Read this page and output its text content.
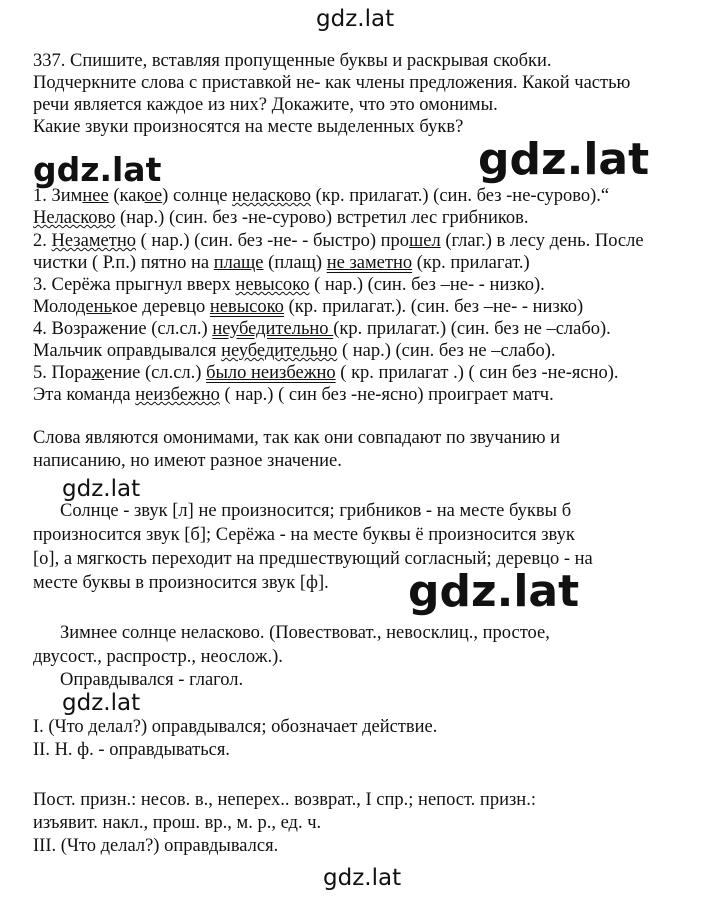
gdz.lat
gdz.lat	gdz.lat
gdz.lat
gdz.lat
gdz.lat
gdz.lat
337. Спишите, вставляя пропущенные буквы и раскрывая скобки.
Подчеркните слова с приставкой не- как члены предложения. Какой частью
речи является каждое из них? Докажите, что это омонимы.
Какие звуки произносятся на месте выделенных букв?
1. Зимнее (какое) солнце неласково (кр. прилагат.) (син. без -не-сурово).“
Неласково (нар.) (син. без -не-сурово) встретил лес грибников.
2. Незаметно ( нар.) (син. без -не- - быстро) прошел (глаг.) в лесу день. После
чистки ( Р.п.) пятно на плаще (плащ) не заметно (кр. прилагат.)
3. Серёжа прыгнул вверх невысоко ( нар.) (син. без –не- - низко).
Молоденькое деревцо невысоко (кр. прилагат.). (син. без –не- - низко)
4. Возражение (сл.сл.) неубедительно (кр. прилагат.) (син. без не –слабо).
Мальчик оправдывался неубедительно ( нар.) (син. без не –слабо).
5. Поражение (сл.сл.) было неизбежно ( кр. прилагат .) ( син без -не-ясно).
Эта команда неизбежно ( нар.) ( син без -не-ясно) проиграет матч.
Слова являются омонимами, так как они совпадают по звучанию и
написанию, но имеют разное значение.
Солнце - звук [л] не произносится; грибников - на месте буквы б
произносится звук [б]; Серёжа - на месте буквы ё произносится звук
[о], а мягкость переходит на предшествующий согласный; деревцо - на
месте буквы в произносится звук [ф].
Зимнее солнце неласково. (Повествоват., невосклиц., простое,
двусост., распростр., неослож.).
Оправдывался - глагол.
I. (Что делал?) оправдывался; обозначает действие.
II. Н. ф. - оправдываться.
Пост. призн.: несов. в., неперех.. возврат., I спр.; непост. призн.:
изъявит. накл., прош. вр., м. р., ед. ч.
III. (Что делал?) оправдывался.
